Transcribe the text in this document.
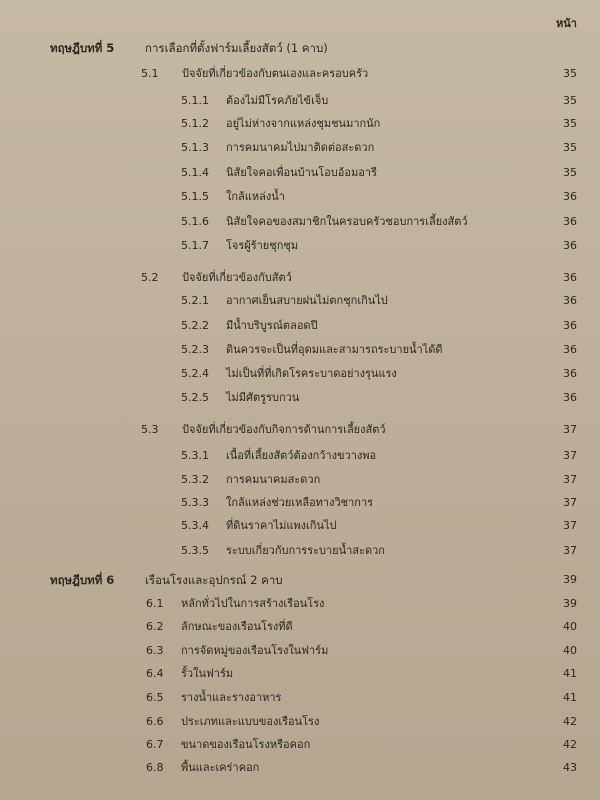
หน้า
ทฤษฎีบทที่ 5	การเลือกที่ตั้งฟาร์มเลี้ยงสัตว์ (1 คาบ)
5.1 ปัจจัยที่เกี่ยวข้องกับตนเองและครอบครัว	35
5.1.1 ต้องไม่มีโรคภัยไข้เจ็บ	35
5.1.2 อยู่ไม่ห่างจากแหล่งชุมชนมากนัก	35
5.1.3 การคมนาคมไปมาติดต่อสะดวก	35
5.1.4 นิสัยใจคอเพื่อนบ้านโอบอ้อมอารี	35
5.1.5 ใกล้แหล่งน้ำ	36
5.1.6 นิสัยใจคอของสมาชิกในครอบครัวชอบการเลี้ยงสัตว์	36
5.1.7 โจรผู้ร้ายชุกชุม	36
5.2 ปัจจัยที่เกี่ยวข้องกับสัตว์	36
5.2.1 อากาศเย็นสบายฝนไม่ตกชุกเกินไป	36
5.2.2 มีน้ำบริบูรณ์ตลอดปี	36
5.2.3 ดินควรจะเป็นที่อุดมและสามารถระบายน้ำได้ดี	36
5.2.4 ไม่เป็นที่ที่เกิดโรคระบาดอย่างรุนแรง	36
5.2.5 ไม่มีศัตรูรบกวน	36
5.3 ปัจจัยที่เกี่ยวข้องกับกิจการด้านการเลี้ยงสัตว์	37
5.3.1 เนื้อที่เลี้ยงสัตว์ต้องกว้างขวางพอ	37
5.3.2 การคมนาคมสะดวก	37
5.3.3 ใกล้แหล่งช่วยเหลือทางวิชาการ	37
5.3.4 ที่ดินราคาไม่แพงเกินไป	37
5.3.5 ระบบเกี่ยวกับการระบายน้ำสะดวก	37
ทฤษฎีบทที่ 6	เรือนโรงและอุปกรณ์ 2 คาบ	39
6.1 หลักทั่วไปในการสร้างเรือนโรง	39
6.2 ลักษณะของเรือนโรงที่ดี	40
6.3 การจัดหมู่ของเรือนโรงในฟาร์ม	40
6.4 รั้วในฟาร์ม	41
6.5 รางน้ำและรางอาหาร	41
6.6 ประเภทและแบบของเรือนโรง	42
6.7 ขนาดของเรือนโรงหรือคอก	42
6.8 พื้นและเคร่าคอก	43
